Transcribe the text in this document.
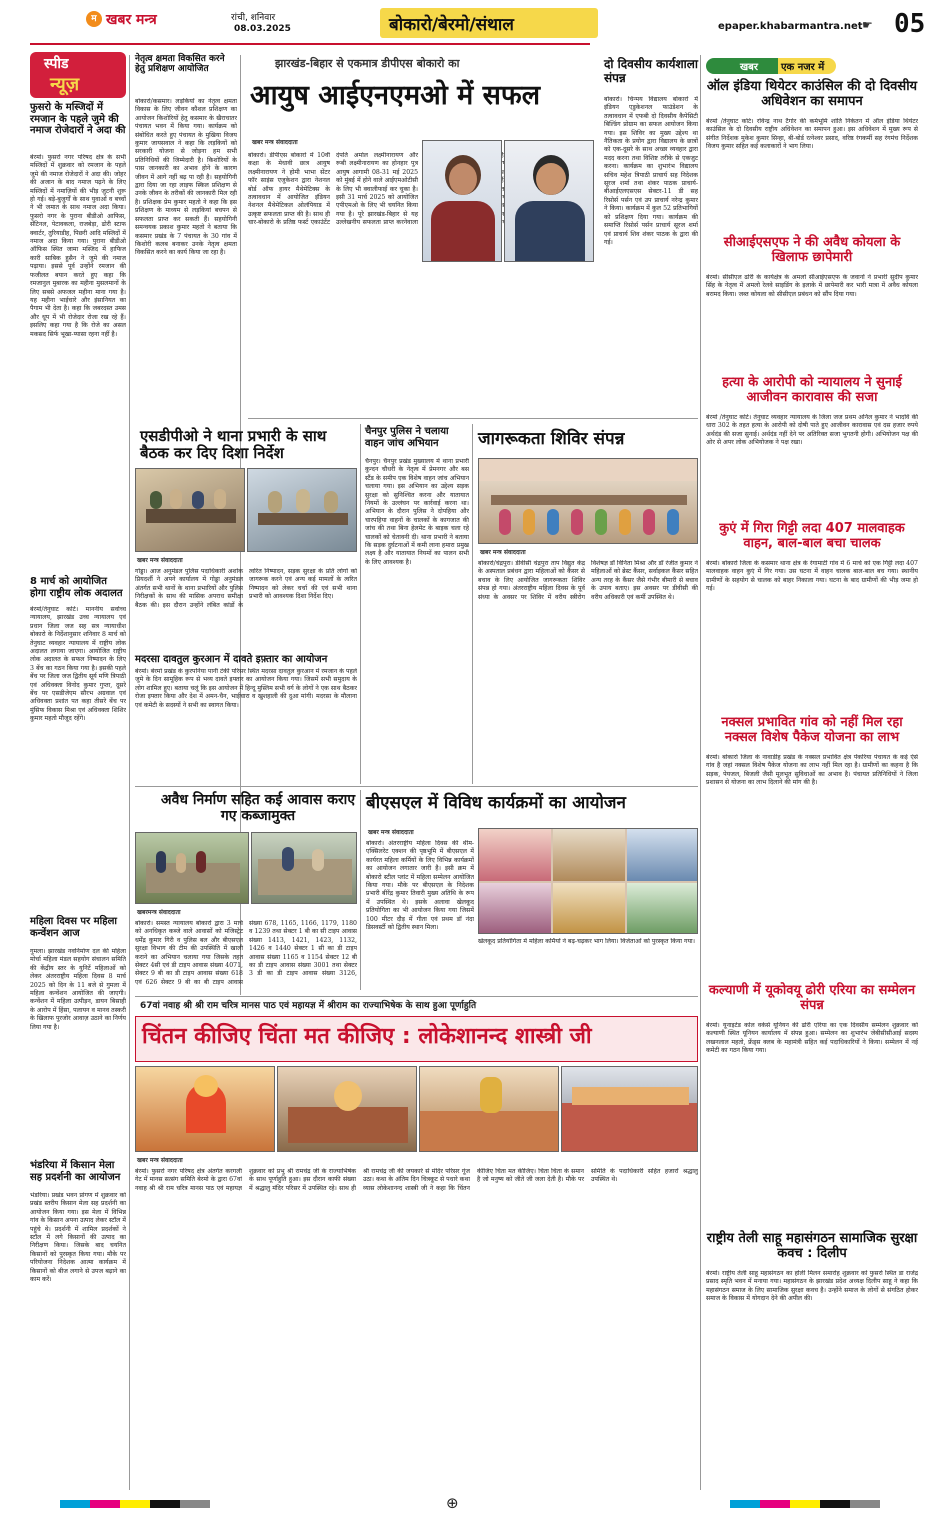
म खबर मन्त्र	रांची, शनिवार
08.03.2025	बोकारो/बेरमो/संथाल	epaper.khabarmantra.net ☛ 05
स्पीड
न्यूज़
फुसरो के मस्जिदों में रमजान के पहले जुमे की नमाज रोजेदारों ने अदा की
बेरमो। फुसरो नगर परिषद क्षेत्र के सभी मस्जिदों में शुक्रवार को रमजान के पहले जुमे की नमाज रोजेदारों ने अदा की। जोहर की अजान के बाद नमाज पढ़ने के लिए मस्जिदों में नमाज़ियों की भीड़ जुटनी शुरू हो गई। बड़े-बुजुर्गों के साथ युवाओं व बच्चों ने भी जमात के साथ नमाज अदा किया। फुसरो नगर के पुराना बीडीओ आफिस, सेंटिनल, पेटावकला, राजबेड़ा, ढोरी स्टाफ क्वार्टर, तुरियाडीह, पिछरी आदि मस्जिदों में नमाज अदा किया गया। पुराना बीडीओ ऑफिस स्थित जामा मस्जिद में हाफिज कारी साबिक हुसैन ने जुमे की नमाज पढ़ाया। इससे पूर्व उन्होंने रमजान की फजीलत बयान करते हुए कहा कि रमजानुल मुबारक का महीना मुसलमानों के लिए सबसे अफजल महीना माना गया है। यह महीना भाईचारे और इंसानियत का पैगाम भी देता है। कहा कि जबरदस्त उमस और धूप में भी रोजेदार रोजा रख रहे हैं। इसलिए कहा गया है कि रोजे का असल मकसद सिर्फ भूखा-प्यासा रहना नहीं है।
8 मार्च को आयोजित होगा राष्ट्रीय लोक अदालत
बेरमो/तेनुघाट कोर्ट। माननीय सर्वोच्च न्यायालय, झारखंड उच्च न्यायालय एवं प्रधान जिला जज सह सत्र न्यायाधीश बोकारो के निर्देशानुसार शनिवार 8 मार्च को तेनुघाट व्यवहार न्यायालय में राष्ट्रीय लोक अदालत लगाया जाएगा। आयोजित राष्ट्रीय लोक अदालत के सफल निष्पादन के लिए 3 बेंच का गठन किया गया है। इसकी पहले बेंच पर जिला जज द्वितीय सूर्य मणि त्रिपाठी एवं अधिवक्ता विनोद कुमार गुप्ता, दूसरे बेंच पर एसडीजेएम सौरभ अग्रवाल एवं अधिवक्ता प्रशांत पत कहा तीसरे बेंच पर मुंसिफ विकास मिश्रा एवं अधिवक्ता शिशिर कुमार महतो मौजूद रहेंगे।
महिला दिवस पर महिला कन्वेंशन आज
गुमला। झारखंड नवनिर्माण दल की महिला मोर्चा महिला मंडल सहयोग संचालन समिति की केंद्रीय स्तर के युनिटें महिलाओं को लेकर अंतरराष्ट्रीय महिला दिवस 8 मार्च 2025 को दिन के 11 बजे से गुमला में महिला कन्वेंशन आयोजित की जाएगी। कन्वेंशन में महिला उत्पीड़न, डायन बिसाही के आरोप में हिंसा, पलायन व मानव तस्करी के खिलाफ पुरजोर आवाज़ उठाने का निर्णय लिया गया है।
भंडरिया में किसान मेला सह प्रदर्शनी का आयोजन
भंडरिया। प्रखंड भवन प्रांगण में शुक्रवार को प्रखंड स्तरीय किसान मेला सह प्रदर्शनी का आयोजन किया गया। इस मेला में विभिन्न गांव के किसान अपना उत्पाद लेकर स्टॉल में पहुंचे थे। प्रदर्शनी में शामिल प्रदर्शकों ने स्टॉल में लगे किसानों की उत्पाद का निरीक्षण किया। जिसके बाद चयनित किसानों को पुरस्कृत किया गया। मौके पर परियोजना निदेशक आत्मा कार्यक्रम में किसानों को बीज लगाने से उपज बढ़ाने का काम करें।
नेतृत्व क्षमता विकसित करने हेतु प्रशिक्षण आयोजित
बोकारो/कसमार। लड़कियों का नेतृत्व क्षमता विकास के लिए जीवन कौशल प्रशिक्षण का आयोजन किशोरियों हेतु कसमार के खैराचातर पंचायत भवन में किया गया। कार्यक्रम को संबोधित करते हुए पंचायत के मुखिया विजय कुमार जायसवाल ने कहा कि लड़कियों को सरकारी योजना से जोड़ना हम सभी प्रतिनिधियों की जिम्मेदारी है। किशोरियों के पास जानकारी का अभाव होने के कारण जीवन में आगे नहीं बढ़ पा रही है। सहयोगिनी द्वारा दिया जा रहा लाइफ स्किल प्रशिक्षण से उनके जीवन के तरीकों की जानकारी मिल रही है। प्रशिक्षक प्रेम कुमार महतो ने कहा कि इस प्रशिक्षण के माध्यम से लड़कियां बचपन से सफलता प्राप्त कर सकती हैं। सहयोगिनी समन्वयक प्रकाश कुमार महतो ने बताया कि कसमार प्रखंड के 7 पंचायत के 30 गांव में किशोरी कलब बनाकर उनके नेतृत्व क्षमता विकसित करने का कार्य किया जा रहा है।
झारखंड-बिहार से एकमात्र डीपीएस बोकारो का
आयुष आईएनएमओ में सफल
खबर मन्त्र संवाददाता
बोकारो। डीपीएस बोकारो में 10वीं कक्षा के मेधावी छात्र आयुष लक्ष्मीनारायण ने होमी भाभा सेंटर फॉर साइंस एजुकेशन द्वारा नेशनल बोर्ड ऑफ हायर मैथेमेटिक्स के तत्वावधान में आयोजित इंडियन नेशनल मैथेमेटिकल ओलंपियाड में उत्कृष्ट सफलता प्राप्त की है। साथ ही चार-बोकारो के प्रतिष्ठ फर्स्ट एकाउंटेंट दंपति अमोल लक्ष्मीनारायण और रूबी लक्ष्मीनारायण का होनहार पुत्र आयुष आगामी 08-31 मई 2025 को मुंबई में होने वाले आईएमओटीसी के लिए भी क्वालीफाई कर चुका है। इसी 31 मार्च 2025 को आयोजित एपीएमओ के लिए भी चयनित किया गया है। पूरे झारखंड-बिहार से यह उल्लेखनीय सफलता प्राप्त करनेवाला श्रेय
दो दिवसीय कार्यशाला संपन्न
बोकारो। चिन्मय विद्यालय बोकारो में इंडियन एडुकेशनल फाउंडेशन के तत्वावधान में एफबी दो दिवसीय कैपेसिटी बिल्डिंग प्रोग्राम का सफल आयोजन किया गया। इस शिविर का मुख्य उद्देश्य था नैतिकता के प्रयोग द्वारा विद्यालय के छात्रों को एक-दूसरे के साथ अच्छा व्यवहार द्वारा मदद करना तथा विशिष्ट तरीके से एकजुट करना। कार्यक्रम का शुभारंभ विद्यालय सचिव महेश त्रिपाठी प्राचार्य सह निदेशक सूरज शर्मा तथा शंकर पाठक प्राचार्य-बीआईएलएसएस सेक्टर-11 डी सह रिसोर्स पर्सन एवं उप प्राचार्य नरेन्द्र कुमार ने किया। कार्यक्रम में कुल 52 प्रतिभागियों को प्रशिक्षण दिया गया। कार्यक्रम की समाप्ति रिसोर्स पर्सन प्राचार्य सूरज शर्मा एवं प्राचार्य शिव शंकर पाठक के द्वारा की गई।
एसडीपीओ ने थाना प्रभारी के साथ बैठक कर दिए दिशा निर्देश
खबर मन्त्र संवाददाता
गोड्डा। आज अनुमंडल पुलिस पदाधिकारी अशोक प्रियदर्शी ने अपने कार्यालय में गोड्डा अनुमंडल अंतर्गत सभी थानों के थाना प्रभारियों और पुलिस निरीक्षकों के साथ की मासिक अपराध समीक्षा बैठक की। इस दौरान उन्होंने लंबित कांडों के त्वरित निष्पादन, सड़क सुरक्षा के प्रति लोगों को जागरूक करने एवं अन्य कई मामलों के त्वरित निष्पादन को लेकर चर्चा की एवं सभी थाना प्रभारी को आवश्यक दिशा निर्देश दिए।
मदरसा दावतुल कुरआन में दावते इफ़्तार का आयोजन
बेरमो। बेरमो प्रखंड के कुरपनिया पानी टंकी परिसर स्थित मदरसा दावतुल कुरआन में रमजान के पहले जुमे के दिन सामूहिक रूप से भव्य दावते इफ्तार का आयोजन किया गया। जिसमें सभी समुदाय के लोग शामिल हुए। बताया चलूं कि इस आयोजन में हिन्दू मुस्लिम सभी वर्ग के लोगों ने एक साथ बैठकर रोजा इफ्तार किया और देश में अमन-चैन, भाईचारा व खुशहाली की दुआ मांगी। मदरसा के मौलाना एवं कमेटी के सदस्यों ने सभी का स्वागत किया।
चैनपुर पुलिस ने चलाया वाहन जांच अभियान
चैनपुर। चैनपुर प्रखंड मुख्यालय में थाना प्रभारी कुन्दन चौधरी के नेतृत्व में प्रेमनगर और बस स्टैंड के समीप एक विशेष वाहन जांच अभियान चलाया गया। इस अभियान का उद्देश्य सड़क सुरक्षा को सुनिश्चित करना और यातायात नियमों के उल्लंघन पर कार्रवाई करना था। अभियान के दौरान पुलिस ने दोपहिया और चारपहिया वाहनों के चालकों के कागजात की जांच की तथा बिना हेलमेट के बाइक चला रहे चालकों को चेतावनी दी। थाना प्रभारी ने बताया कि सड़क दुर्घटनाओं में कमी लाना हमारा प्रमुख लक्ष्य है और यातायात नियमों का पालन सभी के लिए आवश्यक है।
जागरूकता शिविर संपन्न
खबर मन्त्र संवाददाता
बोकारो/चंद्रपुरा। डीवीसी चंद्रपुरा ताप विद्युत केंद्र के अस्पताल प्रबंधन द्वारा महिलाओं को कैंसर से बचाव के लिए आयोजित जागरूकता शिविर संपन्न हो गया। अंतरराष्ट्रीय महिला दिवस के पूर्व संध्या के अवसर पर शिविर में वरीय स्त्रीरोग विशेषज्ञ डॉ विनिता मिश्रा और डॉ रंजीत कुमार ने महिलाओं को ब्रेस्ट कैंसर, सर्वाइकल कैंसर सहित अन्य तरह के कैंसर जैसे गंभीर बीमारी से बचाव के उपाय बताए। इस अवसर पर डीवीसी की वरीय अधिकारी एवं कर्मी उपस्थित थे।
अवैध निर्माण सहित कई आवास कराए गए कब्जामुक्त
खबरमन्त्र संवाददाता
बोकारो। समस्त न्यायालय बोकारो द्वारा 3 मार्च को अनधिकृत कब्जे वाले आवासों को मजिस्ट्रेट धर्मेंद्र कुमार गिरी व पुलिस बल और बीएसएल सुरक्षा विभाग की टीम की उपस्थिति में खाली कराने का अभियान चलाया गया जिसके तहत सेक्टर 4सी एवं डी टाइप आवास संख्या 4071, सेक्टर 9 बी का डी टाइप आवास संख्या 618 एवं 626 सेक्टर 9 बी का बी टाइप आवास संख्या 678, 1165, 1166, 1179, 1180 व 1239 तथा सेक्टर 1 बी का सी टाइप आवास संख्या 1413, 1421, 1423, 1132, 1426 व 1440 सेक्टर 1 सी का डी टाइप आवास संख्या 1165 व 1154 सेक्टर 12 बी का डी टाइप आवास संख्या 3001 तथा सेक्टर 3 डी का डी टाइप आवास संख्या 3126,
बीएसएल में विविध कार्यक्रमों का आयोजन
खबर मन्त्र संवाददाता
बोकारो। अंतरराष्ट्रीय महिला दिवस की थीम-एक्सिलरेट एक्शन की पृष्ठभूमि में बीएसएल में कार्यरत महिला कर्मियों के लिए विभिन्न कार्यक्रमों का आयोजन लगातार जारी है। इसी क्रम में बोकारो स्टील प्लांट में महिला सम्मेलन आयोजित किया गया। मौके पर बीएसएल के निदेशक प्रभारी बीरेंद्र कुमार तिवारी मुख्य अतिथि के रूप में उपस्थित थे। इसके अलावा खेलकूद प्रतियोगिता का भी आयोजन किया गया जिसमें 100 मीटर दौड़ में गीता एवं प्रथम डॉ नंदा डिसवर्स्टी को द्वितीय स्थान मिला।
खेलकूद प्रतियोगिता में महिला कर्मियों ने बढ़-चढ़कर भाग लिया। विजेताओं को पुरस्कृत किया गया।
67वां नवाह श्री श्री राम चरित्र मानस पाठ एवं महायज्ञ में श्रीराम का राज्याभिषेक के साथ हुआ पूर्णाहुति
चिंतन कीजिए चिंता मत कीजिए : लोकेशानन्द शास्त्री जी
खबर मन्त्र संवाददाता
बेरमो। फुसरो नगर परिषद क्षेत्र अंतर्गत करगली गेट में मानस सत्संग समिति बेरमो के द्वारा 67वां नवाह श्री श्री राम चरित्र मानस पाठ एवं महायज्ञ शुक्रवार को प्रभु श्री रामचंद्र जी के राज्याभिषेक के साथ पूर्णाहुति हुआ। इस दौरान काफी संख्या में श्रद्धालु मंदिर परिसर में उपस्थित रहे। साथ ही श्री रामचंद्र जी की जयकारे से मंदिर परिसर गूंज उठा। कथा के अंतिम दिन चित्रकूट से पधारे कथा व्यास लोकेशानन्द शास्त्री जी ने कहा कि चिंतन कीजिए चिंता मत कीजिए। चिंता चिता के समान है जो मनुष्य को जीते जी जला देती है। मौके पर समिति के पदाधिकारी सहित हजारों श्रद्धालु उपस्थित थे।
खबर एक नजर में
ऑल इंडिया थियेटर काउंसिल की दो दिवसीय अधिवेशन का समापन
बेरमो /तेनुघाट कोर्ट। रविन्द्र नाथ टैगोर की कर्मभूमि शांति निकेतन में ऑल इंडिया थियेटर काउंसिल के दो दिवसीय राष्ट्रीय अधिवेशन का समापन हुआ। इस अधिवेशन में मुख्य रूप से संगीत निर्देशक मुकेश कुमार सिन्हा, बी-बोर्ड रत्नेश्वर प्रसाद, वरिष्ठ रंगकर्मी सह रंगमंच निर्देशक विजय कुमार सहित कई कलाकारों ने भाग लिया।
सीआईएसएफ ने की अवैध कोयला के खिलाफ छापेमारी
बेरमो। सीसीएल ढोरी के कार्यक्षेत्र के अमलो सीआईएसएफ के जवानों ने प्रभारी सुदीप कुमार सिंह के नेतृत्व में अमलो रेलवे साइडिंग के इलाके में छापेमारी कर भारी मात्रा में अवैध कोयला बरामद किया। जब्त कोयला को सीसीएल प्रबंधन को सौंप दिया गया।
हत्या के आरोपी को न्यायालय ने सुनाई आजीवन कारावास की सजा
बेरमो /तेनुघाट कोर्ट। तेनुघाट व्यवहार न्यायालय के जिला जज प्रथम अनिल कुमार ने भादवि की धारा 302 के तहत हत्या के आरोपी को दोषी पाते हुए आजीवन कारावास एवं दस हजार रुपये अर्थदंड की सजा सुनाई। अर्थदंड नहीं देने पर अतिरिक्त सजा भुगतनी होगी। अभियोजन पक्ष की ओर से अपर लोक अभियोजक ने पक्ष रखा।
कुएं में गिरा गिट्टी लदा 407 मालवाहक वाहन, बाल-बाल बचा चालक
बेरमो। बोकारो जिला के कसमार थाना क्षेत्र के रंगामाटी गांव में 6 मार्च को एक गिट्टी लदा 407 मालवाहक वाहन कुएं में गिर गया। उस घटना में वाहन चालक बाल-बाल बच गया। स्थानीय ग्रामीणों के सहयोग से चालक को बाहर निकाला गया। घटना के बाद ग्रामीणों की भीड़ जमा हो गई।
नक्सल प्रभावित गांव को नहीं मिल रहा नक्सल विशेष पैकेज योजना का लाभ
बेरमो। बोकारो जिला के नावाडीह प्रखंड के नक्सल प्रभावित क्षेत्र पेंकरिया पंचायत के कई ऐसे गांव है जहां नक्सल विशेष पैकेज योजना का लाभ नहीं मिल रहा है। ग्रामीणों का कहना है कि सड़क, पेयजल, बिजली जैसी मूलभूत सुविधाओं का अभाव है। पंचायत प्रतिनिधियों ने जिला प्रशासन से योजना का लाभ दिलाने की मांग की है।
कल्याणी में यूकोवयू ढोरी एरिया का सम्मेलन संपन्न
बेरमो। यूनाइटेड कोल वर्कर्स यूनियन की ढोरी एरिया का एक दिवसीय सम्मेलन शुक्रवार को कल्याणी स्थित यूनियन कार्यालय में संपन्न हुआ। सम्मेलन का शुभारंभ जेबीसीसीआई सदस्य लखनलाल महतो, फ्रेंड्स क्लब के महामंत्री सहित कई पदाधिकारियों ने किया। सम्मेलन में नई कमेटी का गठन किया गया।
राष्ट्रीय तेली साहू महासंगठन सामाजिक सुरक्षा कवच : दिलीप
बेरमो। राष्ट्रीय तेली साहू महासंगठन का होली मिलन समारोह शुक्रवार को फुसरो स्थित डा राजेंद्र प्रसाद स्मृति भवन में मनाया गया। महासंगठन के झारखंड प्रदेश अध्यक्ष दिलीप साहू ने कहा कि महासंगठन समाज के लिए सामाजिक सुरक्षा कवच है। उन्होंने समाज के लोगों से संगठित होकर समाज के विकास में योगदान देने की अपील की।
⊕
